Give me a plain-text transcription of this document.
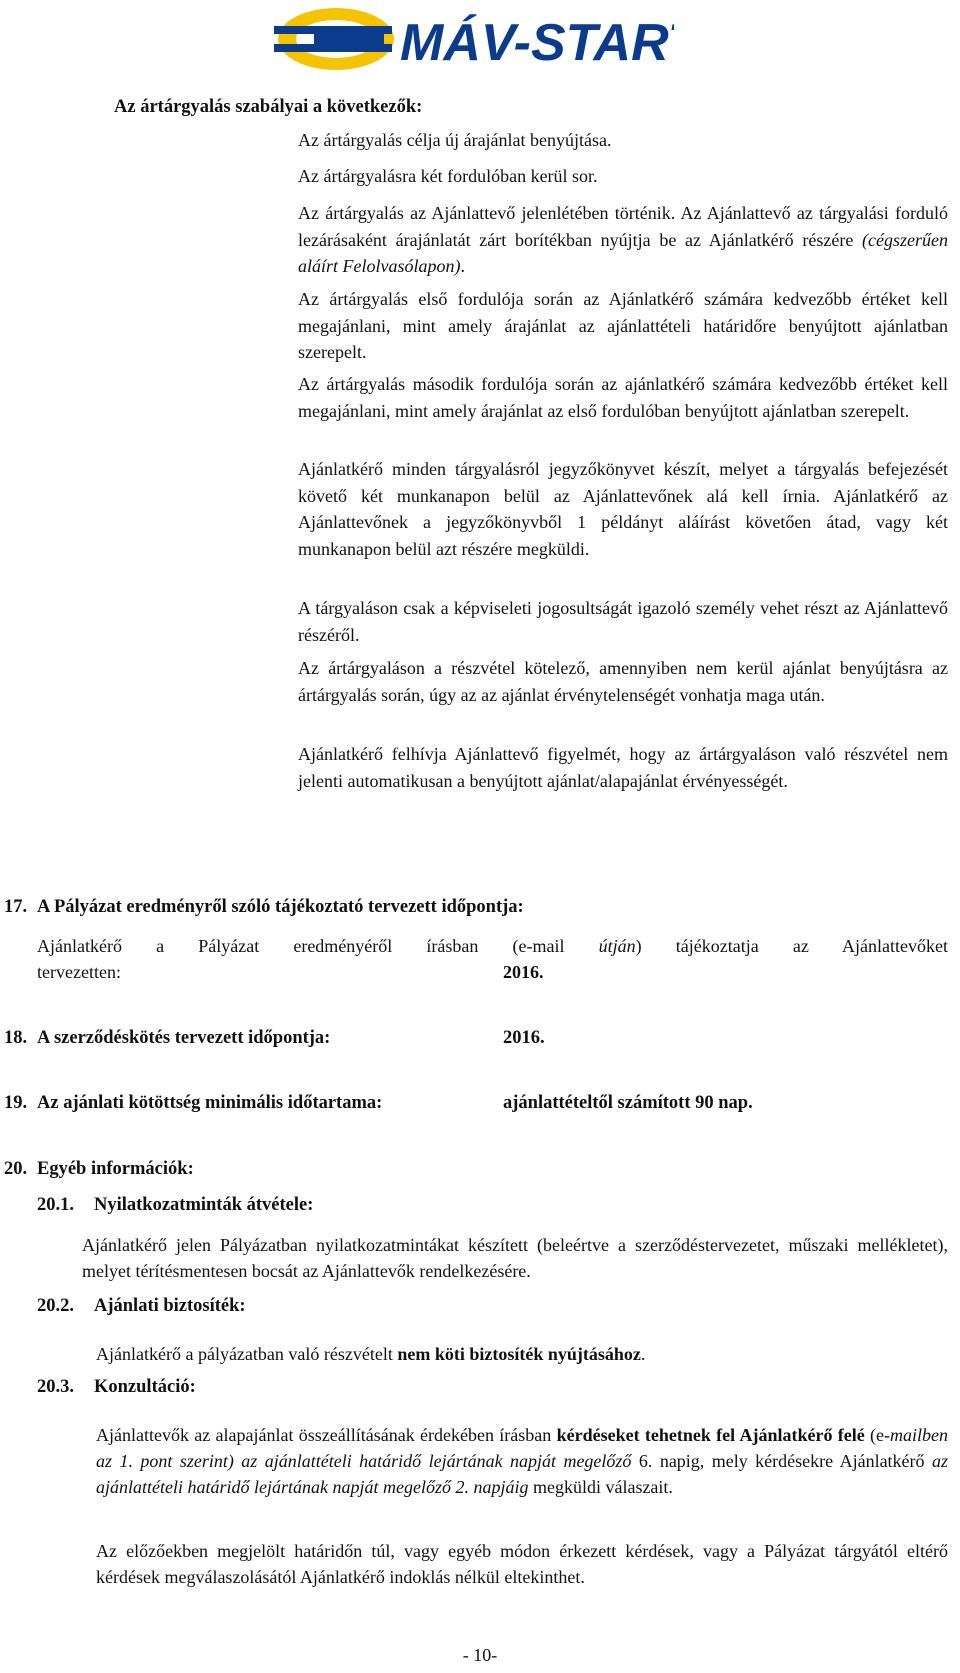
MÁV-START
Az ártárgyalás szabályai a következők:

Az ártárgyalás célja új árajánlat benyújtása.

Az ártárgyalásra két fordulóban kerül sor.

Az ártárgyalás az Ajánlattevő jelenlétében történik. Az Ajánlattevő az tárgyalási forduló lezárásaként árajánlatát zárt borítékban nyújtja be az Ajánlatkérő részére (cégszerűen aláírt Felolvasólapon).

Az ártárgyalás első fordulója során az Ajánlatkérő számára kedvezőbb értéket kell megajánlani, mint amely árajánlat az ajánlattételi határidőre benyújtott ajánlatban szerepelt.

Az ártárgyalás második fordulója során az ajánlatkérő számára kedvezőbb értéket kell megajánlani, mint amely árajánlat az első fordulóban benyújtott ajánlatban szerepelt.

Ajánlatkérő minden tárgyalásról jegyzőkönyvet készít, melyet a tárgyalás befejezését követő két munkanapon belül az Ajánlattevőnek alá kell írnia. Ajánlatkérő az Ajánlattevőnek a jegyzőkönyvből 1 példányt aláírást követően átad, vagy két munkanapon belül azt részére megküldi.

A tárgyaláson csak a képviseleti jogosultságát igazoló személy vehet részt az Ajánlattevő részéről.

Az ártárgyaláson a részvétel kötelező, amennyiben nem kerül ajánlat benyújtásra az ártárgyalás során, úgy az az ajánlat érvénytelenségét vonhatja maga után.

Ajánlatkérő felhívja Ajánlattevő figyelmét, hogy az ártárgyaláson való részvétel nem jelenti automatikusan a benyújtott ajánlat/alapajánlat érvényességét.

17. A Pályázat eredményről szóló tájékoztató tervezett időpontja:

Ajánlatkérő a Pályázat eredményéről írásban (e-mail útján) tájékoztatja az Ajánlattevőket

tervezetten:	2016.
18. A szerződéskötés tervezett időpontja:	2016.
19. Az ajánlati kötöttség minimális időtartama:	ajánlattételtől számított 90 nap.
20. Egyéb információk:
20.1. Nyilatkozatminták átvétele:

Ajánlatkérő jelen Pályázatban nyilatkozatmintákat készített (beleértve a szerződéstervezetet, műszaki mellékletet), melyet térítésmentesen bocsát az Ajánlattevők rendelkezésére.

20.2. Ajánlati biztosíték:

Ajánlatkérő a pályázatban való részvételt nem köti biztosíték nyújtásához.

20.3. Konzultáció:

Ajánlattevők az alapajánlat összeállításának érdekében írásban kérdéseket tehetnek fel Ajánlatkérő felé (e-mailben az 1. pont szerint) az ajánlattételi határidő lejártának napját megelőző 6. napig, mely kérdésekre Ajánlatkérő az ajánlattételi határidő lejártának napját megelőző 2. napjáig megküldi válaszait.

Az előzőekben megjelölt határidőn túl, vagy egyéb módon érkezett kérdések, vagy a Pályázat tárgyától eltérő kérdések megválaszolásától Ajánlatkérő indoklás nélkül eltekinthet.

- 10-
